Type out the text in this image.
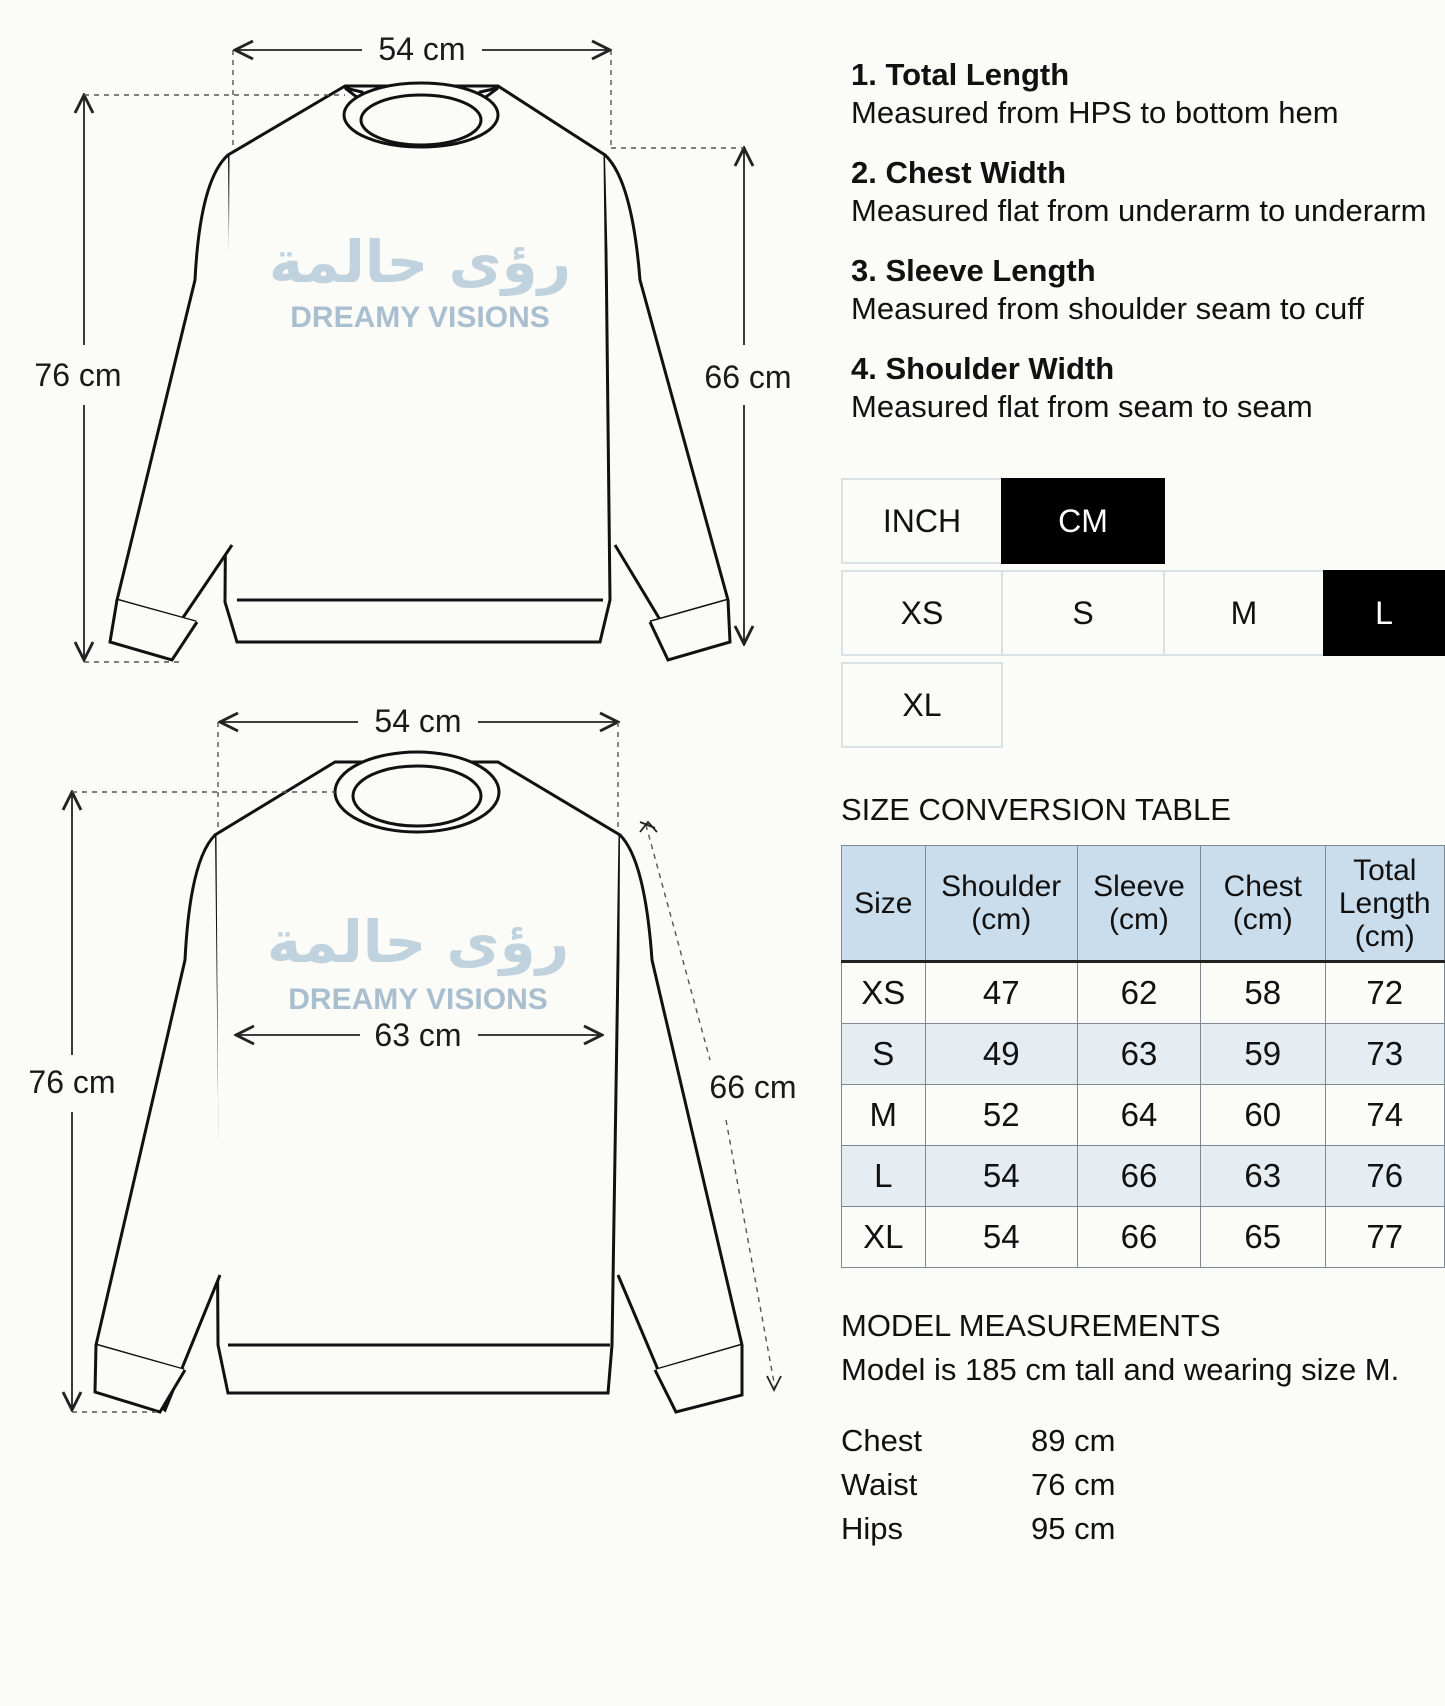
رؤى حالمة
DREAMY VISIONS
54 cm
76 cm	66 cm
رؤى حالمة
DREAMY VISIONS
54 cm
76 cm
63 cm
66 cm
1. Total Length
Measured from HPS to bottom hem
2. Chest Width
Measured flat from underarm to underarm
3. Sleeve Length
Measured from shoulder seam to cuff
4. Shoulder Width
Measured flat from seam to seam
INCH	CM
XS	S	M	L
XL
SIZE CONVERSION TABLE
Size	Shoulder (cm)	Sleeve (cm)	Chest (cm)	Total Length (cm)
XS	47	62	58	72
S	49	63	59	73
M	52	64	60	74
L	54	66	63	76
XL	54	66	65	77
MODEL MEASUREMENTS
Model is 185 cm tall and wearing size M.
Chest	89 cm
Waist	76 cm
Hips	95 cm
